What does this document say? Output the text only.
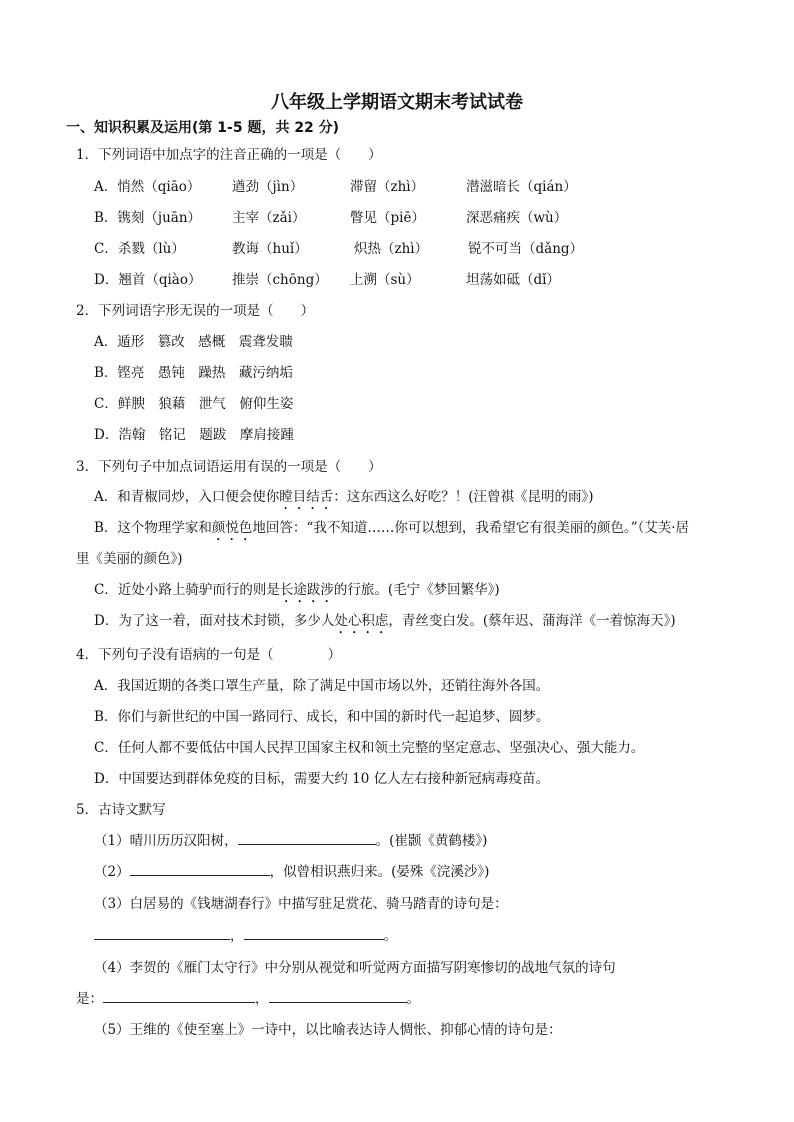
八年级上学期语文期末考试试卷
一、知识积累及运用(第 1-5 题，共 22 分)
1．下列词语中加点字的注音正确的一项是（　　）
A．悄然（qiāo） 遒劲（jìn）	滞留（zhì）	潜滋暗长（qián）
B．镌刻（juān） 主宰（zǎi）	瞥见（piē）	深恶痛疾（wù）
C．杀戮（lù）	教诲（huǐ）	炽热（zhì）	锐不可当（dǎng）
D．翘首（qiào） 推崇（chōng） 上溯（sù）	坦荡如砥（dǐ）
2．下列词语字形无误的一项是（　　）
A．遁形　篡改　感概　震聋发聩
B．铿亮　愚钝　躁热　藏污纳垢
C．鲜腴　狼藉　泄气　俯仰生姿
D．浩翰　铭记　题跋　摩肩接踵
3．下列句子中加点词语运用有误的一项是（　　）
A．和青椒同炒，入口便会使你瞠目结舌：这东西这么好吃？！(汪曾祺《昆明的雨》)
B．这个物理学家和颜悦色地回答：“我不知道……你可以想到，我希望它有很美丽的颜色。”（艾芙·居
里《美丽的颜色》)
C．近处小路上骑驴而行的则是长途跋涉的行旅。(毛宁《梦回繁华》)
D．为了这一着，面对技术封锁，多少人处心积虑，青丝变白发。(蔡年迟、蒲海洋《一着惊海天》)
4．下列句子没有语病的一句是（　　　　）
A．我国近期的各类口罩生产量，除了满足中国市场以外，还销往海外各国。
B．你们与新世纪的中国一路同行、成长，和中国的新时代一起追梦、圆梦。
C．任何人都不要低估中国人民捍卫国家主权和领土完整的坚定意志、坚强决心、强大能力。
D．中国要达到群体免疫的目标，需要大约 10 亿人左右接种新冠病毒疫苗。
5．古诗文默写
（1）晴川历历汉阳树，	。(崔颢《黄鹤楼》)
（2）	，似曾相识燕归来。(晏殊《浣溪沙》)
（3）白居易的《钱塘湖春行》中描写驻足赏花、骑马踏青的诗句是：
，	。
（4）李贺的《雁门太守行》中分别从视觉和听觉两方面描写阴寒惨切的战地气氛的诗句
是：	，	。
（5）王维的《使至塞上》一诗中，以比喻表达诗人惆怅、抑郁心情的诗句是：
